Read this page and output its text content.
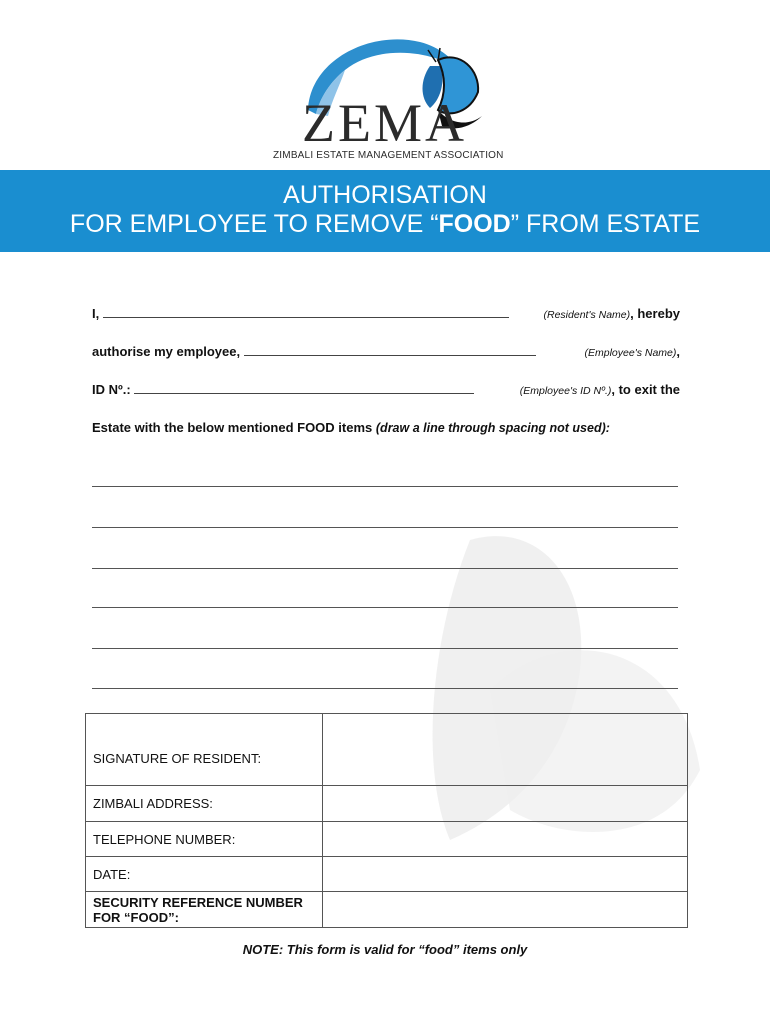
ZEMA
ZIMBALI ESTATE MANAGEMENT ASSOCIATION
AUTHORISATION
FOR EMPLOYEE TO REMOVE “FOOD” FROM ESTATE
I,	(Resident's Name), hereby
authorise my employee,	(Employee's Name),
ID Nº.:	(Employee's ID Nº.), to exit the
Estate with the below mentioned FOOD items (draw a line through spacing not used):
SIGNATURE OF RESIDENT:	
ZIMBALI ADDRESS:	
TELEPHONE NUMBER:	
DATE:	
SECURITY REFERENCE NUMBER FOR “FOOD”:	
NOTE: This form is valid for “food” items only
